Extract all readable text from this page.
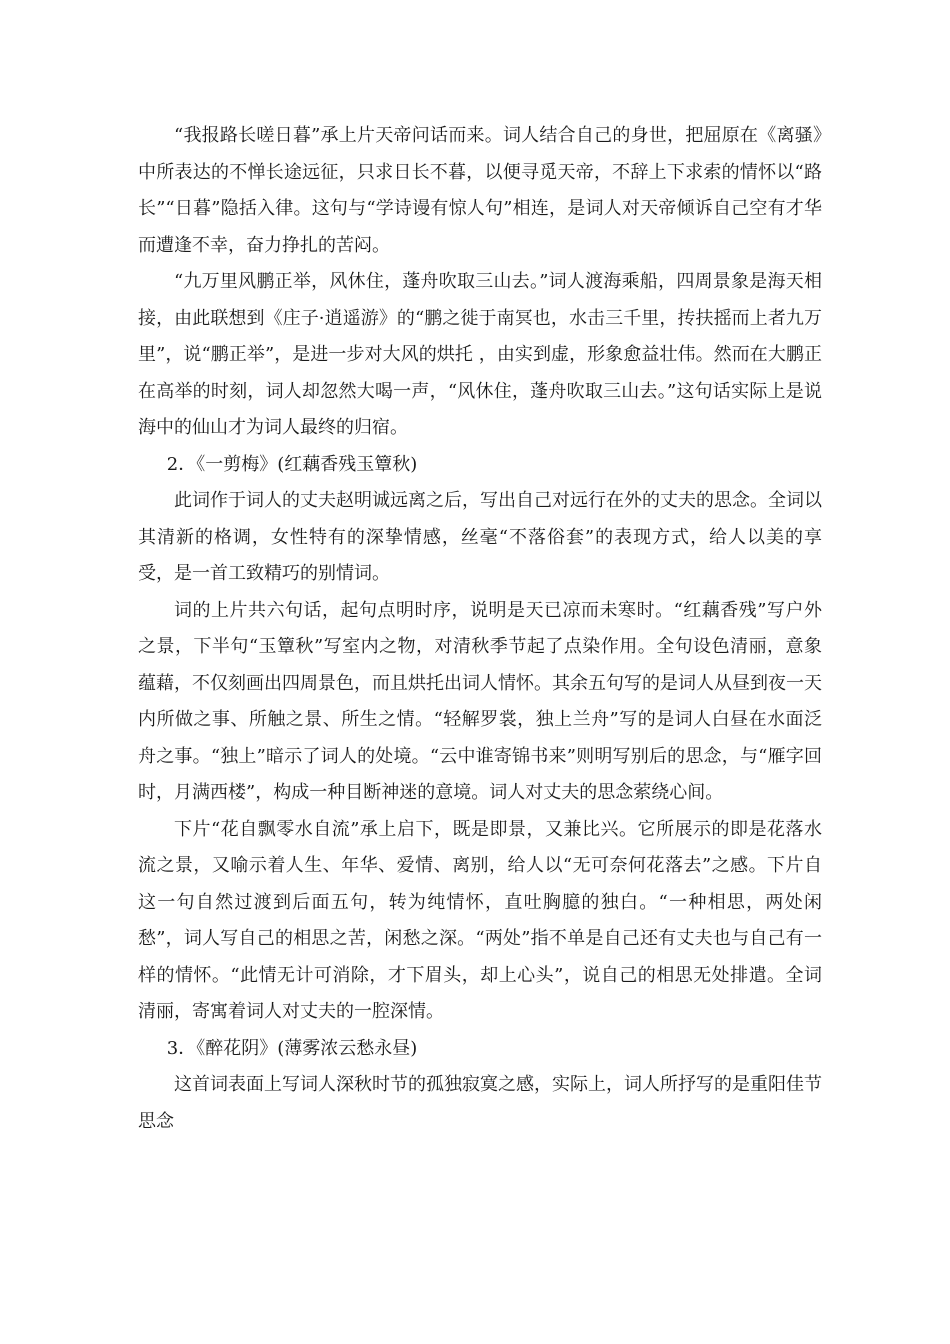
“我报路长嗟日暮”承上片天帝问话而来。词人结合自己的身世，把屈原在《离骚》中所表达的不惮长途远征，只求日长不暮，以便寻觅天帝，不辞上下求索的情怀以“路长”“日暮”隐括入律。这句与“学诗谩有惊人句”相连，是词人对天帝倾诉自己空有才华而遭逢不幸，奋力挣扎的苦闷。

“九万里风鹏正举，风休住，蓬舟吹取三山去。”词人渡海乘船，四周景象是海天相接，由此联想到《庄子·逍遥游》的“鹏之徙于南冥也，水击三千里，抟扶摇而上者九万里”，说“鹏正举”，是进一步对大风的烘托 ，由实到虚，形象愈益壮伟。然而在大鹏正在高举的时刻，词人却忽然大喝一声，“风休住，蓬舟吹取三山去。”这句话实际上是说海中的仙山才为词人最终的归宿。

2．《一剪梅》(红藕香残玉簟秋)

此词作于词人的丈夫赵明诚远离之后，写出自己对远行在外的丈夫的思念。全词以其清新的格调，女性特有的深挚情感，丝毫“不落俗套”的表现方式，给人以美的享受，是一首工致精巧的别情词。

词的上片共六句话，起句点明时序，说明是天已凉而未寒时。“红藕香残”写户外之景，下半句“玉簟秋”写室内之物，对清秋季节起了点染作用。全句设色清丽，意象蕴藉，不仅刻画出四周景色，而且烘托出词人情怀。其余五句写的是词人从昼到夜一天内所做之事、所触之景、所生之情。“轻解罗裳，独上兰舟”写的是词人白昼在水面泛舟之事。“独上”暗示了词人的处境。“云中谁寄锦书来”则明写别后的思念，与“雁字回时，月满西楼”，构成一种目断神迷的意境。词人对丈夫的思念萦绕心间。

下片“花自飘零水自流”承上启下，既是即景，又兼比兴。它所展示的即是花落水流之景，又喻示着人生、年华、爱情、离别，给人以“无可奈何花落去”之感。下片自这一句自然过渡到后面五句，转为纯情怀，直吐胸臆的独白。“一种相思，两处闲愁”，词人写自己的相思之苦，闲愁之深。“两处”指不单是自己还有丈夫也与自己有一样的情怀。“此情无计可消除，才下眉头，却上心头”，说自己的相思无处排遣。全词清丽，寄寓着词人对丈夫的一腔深情。

3．《醉花阴》(薄雾浓云愁永昼)

这首词表面上写词人深秋时节的孤独寂寞之感，实际上，词人所抒写的是重阳佳节思念
